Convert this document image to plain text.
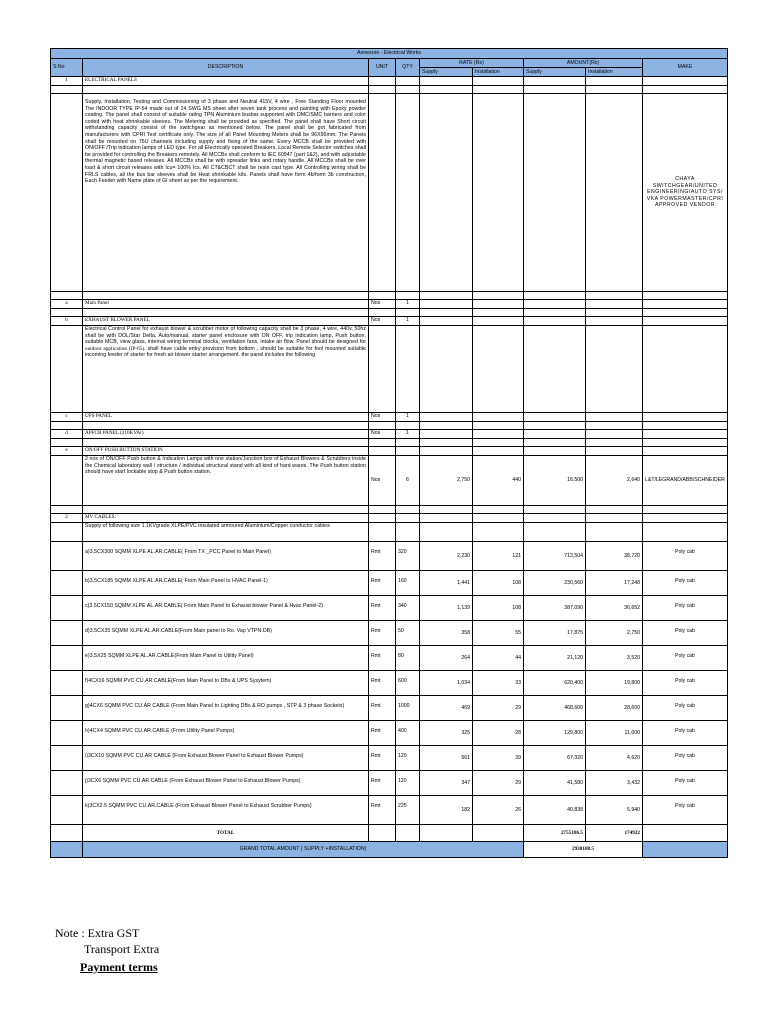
Annexure - Electrical Works								
S.No	DESCRIPTION	UNIT	QTY	RATE (Rs)		AMOUNT(Rs)		MAKE
				Supply	Installation	Supply	Installation	
1	ELECTRICAL PANELS							

	Supply, Installation, Testing and Commissioning of 3 phase and Neutral 415V, 4 wire , Free Standing Floor mounted The INDOOR TYPE IP-54 made out of 14 SWG MS sheet after seven tank process and painting with Epoxy powder coating. The panel shall consist of suitable rating TPN Aluminium busbar supported with DMC/SMC barriers and color coded with heat shrinkable sleeves. The Metering shall be provided as specified. The panel shall have Short circuit withstanding capacity consist of the switchgear as mentioned below. The panel shall be got fabricated from manufacturers with CPRI Test certificate only. The size of all Panel Mounting Meters shall be 96X96mm. The Panels shall be mounted on 75U channels including supply and fixing of the same. Every MCCB shall be provided with ON/OFF /Trip indication lamps of LED type. For all Electrically operated Breakers, Local Remote Selector switches shall be provided for controlling the Breakers remotely. All MCCBs shall conform to IEC 60947 (part 1&2), and with adjustable thermal magnetic based releases. All MCCBs shall be with spreader links and rotary handle. All MCCBs shall be over load & short circuit releases with Icu= 100% Ics. All CT&CBCT shall be resin cast type. All Controlling wiring shall be FRLS cables, all the bus bar sleeves shall be Heat shrinkable kits. Panels shall have form 4b/form 3b construction, Each Feeder with Name plate of GI sheet as per the requirement.							CHAYA SWITCHGEAR/UNITED ENGINEERING/AUTO SYS/ VKA POWERMASTER/CPRI APPROVED VENDOR

a	Main Panel	Nos	1					

b	EXHAUST BLOWER PANEL	Nos	1					
	Electrical Control Panel for exhaust blower & scrubber motor of following capacity shall be 3 phase, 4 wire, 440v, 50hz shall be with DOL/Star Delta, Auto/manual, starter panel enclosure with ON OFF, trip indication lamp, Push button, suitable MCB, view glass, internal wiring terminal blocks, ventilation fans, intake air flow. Panel should be designed for outdoor application (IP-65). shall have cable entry provision from bottom , should be suitable for fool mounted suitable incoming feeder of starter for fresh air blower starter arrangement. the panel includes the following							
c	UPS PANEL	Nos	1					

d	APFCR PANEL (210KVAr)	Nos	1					

e	ON/OFF PUSH BUTTON STATION							
	2 nos of ON/OFF Push button & Indication Lamps with one station/Junction box of Exhaust Blowers & Scrubbers inside the Chemical laboratory wall / structure / individual structural stand with all kind of hard wares. The Push button station should have start lockable stop & Push button station.	Nos	6	2,750	440	16,500	2,640	L&T/LEGRAND/ABB/SCHNEIDER

2	MV CABLES:							
	Supply of following size 1.1KVgrade XLPE/PVC insulated armoured Aluminium/Copper conductor cables							
	a)3.5CX300 SQMM XLPE AL.AR.CABLE( From TX _PCC Panel to Main Panel)	Rmt	320	2,230	121	713,504	38,720	Poly cab
	b)3.5CX185 SQMM XLPE AL.AR.CABLE( From Main Panel to HVAC Panel-1)	Rmt	160	1,441	108	230,560	17,248	Poly cab
	c)3.5CX150 SQMM XLPE AL.AR.CABLE( From Main Panel to Exhaust blower Panel & Hvac Panel-2)	Rmt	340	1,139	108	387,090	36,652	Poly cab
	d)3.5CX35 SQMM XLPE AL.AR.CABLE(From Main panel to Ro. Vap VTPN DB)	Rmt	50	358	55	17,875	2,750	Poly cab
	e)3.5X25 SQMM XLPE AL.AR.CABLE(From Main Panel to Utility Panel)	Rmt	80	264	44	21,120	3,520	Poly cab
	f)4CX16 SQMM PVC CU.AR.CABLE(From Main Panel to DBs & UPS Sysytem)	Rmt	600	1,034	33	620,400	19,800	Poly cab
	g)4CX6 SQMM PVC CU.AR CABLE (From Main Panel to Lighting DBs & RO pumps , STP & 3 phase Sockets)	Rmt	1000	469	29	468,600	28,600	Poly cab
	h)4CX4 SQMM PVC CU.AR.CABLE (From Utility Panel Pumps)	Rmt	400	325	28	129,800	11,000	Poly cab
	i)3CX10 SQMM PVC CU.AR CABLE (From Exhaust Blower Panel to Exhaust Blower Pumps)	Rmt	120	561	39	67,320	4,620	Poly cab
	j)3CX6 SQMM PVC CU.AR CABLE (From Exhaust Blower Panel to Exhaust Blower Pumps)	Rmt	120	347	29	41,580	3,432	Poly cab
	k)3CX2.5 SQMM PVC CU.AR.CABLE (From Exhaust Blower Panel to Exhaust Scrubber Pumps)	Rmt	225	182	26	40,838	5,940	Poly cab
	TOTAL					2755186.5	174922	
	GRAND TOTAL AMOUNT ( SUPPLY +INSTALLATION)					2930108.5		
Note : Extra GST
Transport Extra
Payment terms
